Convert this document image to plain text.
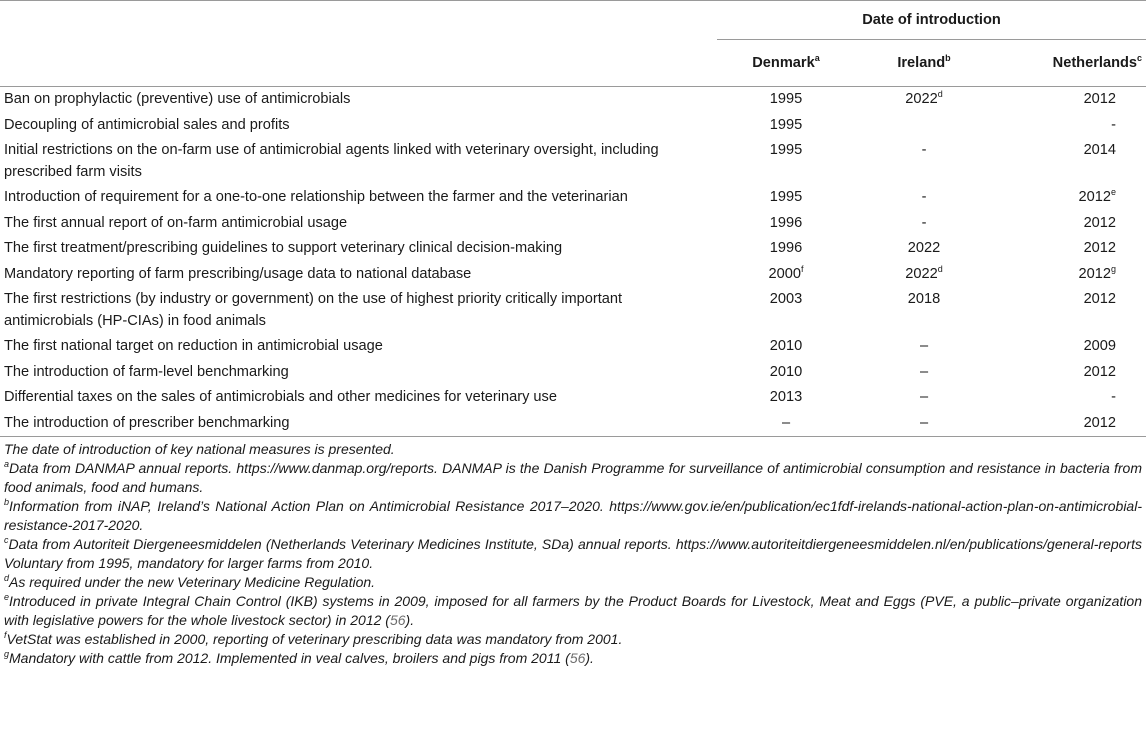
	Date of introduction		
	Denmark$^a$	Ireland$^b$	Netherlands$^c$
Ban on prophylactic (preventive) use of antimicrobials	1995	2022$^d$	2012
Decoupling of antimicrobial sales and profits	1995		-
Initial restrictions on the on-farm use of antimicrobial agents linked with veterinary oversight, including prescribed farm visits	1995	-	2014
Introduction of requirement for a one-to-one relationship between the farmer and the veterinarian	1995	-	2012e
The first annual report of on-farm antimicrobial usage	1996	-	2012
The first treatment/prescribing guidelines to support veterinary clinical decision-making	1996	2022	2012
Mandatory reporting of farm prescribing/usage data to national database	2000$^f$	2022$^d$	2012$^g$
The first restrictions (by industry or government) on the use of highest priority critically important antimicrobials (HP-CIAs) in food animals	2003	2018	2012
The first national target on reduction in antimicrobial usage	2010	–	2009
The introduction of farm-level benchmarking	2010	–	2012
Differential taxes on the sales of antimicrobials and other medicines for veterinary use	2013	–	-
The introduction of prescriber benchmarking	–	–	2012

The date of introduction of key national measures is presented.

$^a$Data from DANMAP annual reports. https://www.danmap.org/reports. DANMAP is the Danish Programme for surveillance of antimicrobial consumption and resistance in bacteria from food animals, food and humans.

$^b$Information from iNAP, Ireland’s National Action Plan on Antimicrobial Resistance 2017–2020. https://www.gov.ie/en/publication/ec1fdf-irelands-national-action-plan-on-antimicrobial-resistance-2017-2020.

$^c$Data from Autoriteit Diergeneesmiddelen (Netherlands Veterinary Medicines Institute, SDa) annual reports. https://www.autoriteitdiergeneesmiddelen.nl/en/publications/general-reports Voluntary from 1995, mandatory for larger farms from 2010.

$^d$As required under the new Veterinary Medicine Regulation.

$^e$Introduced in private Integral Chain Control (IKB) systems in 2009, imposed for all farmers by the Product Boards for Livestock, Meat and Eggs (PVE, a public–private organization with legislative powers for the whole livestock sector) in 2012 (56).

$^f$VetStat was established in 2000, reporting of veterinary prescribing data was mandatory from 2001.

$^g$Mandatory with cattle from 2012. Implemented in veal calves, broilers and pigs from 2011 (56).
